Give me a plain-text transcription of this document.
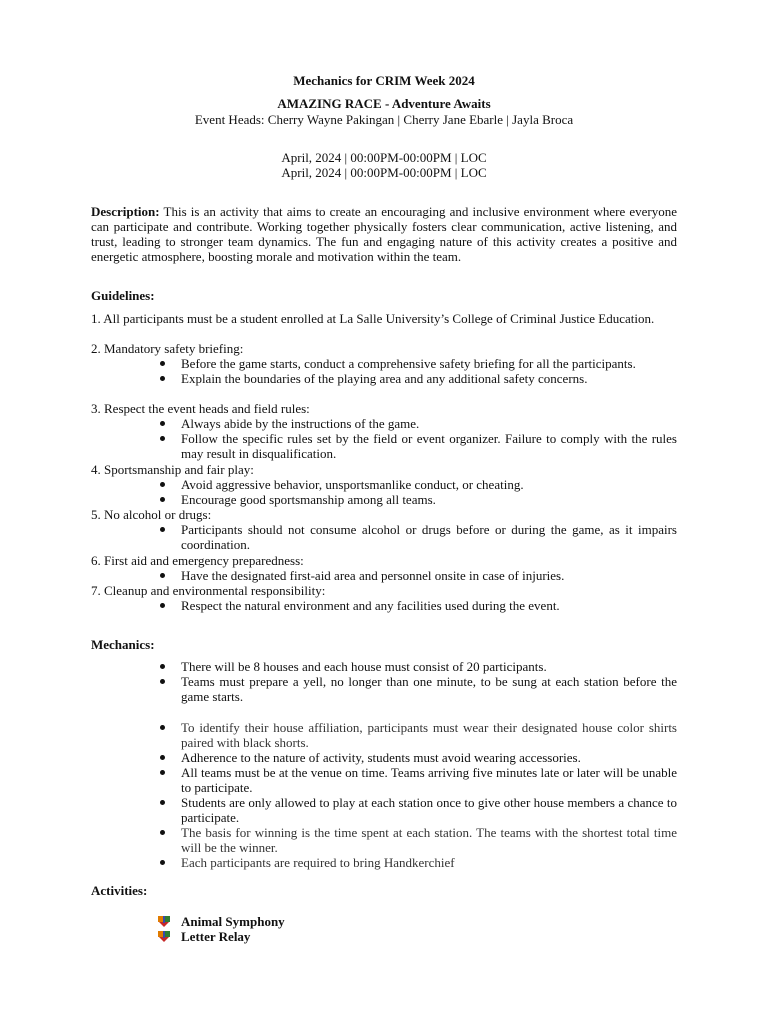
Mechanics for CRIM Week 2024
AMAZING RACE - Adventure Awaits
Event Heads: Cherry Wayne Pakingan | Cherry Jane Ebarle | Jayla Broca
April, 2024 | 00:00PM-00:00PM | LOC
April, 2024 | 00:00PM-00:00PM | LOC
Description: This is an activity that aims to create an encouraging and inclusive environment where everyone can participate and contribute. Working together physically fosters clear communication, active listening, and trust, leading to stronger team dynamics. The fun and engaging nature of this activity creates a positive and energetic atmosphere, boosting morale and motivation within the team.
Guidelines:
1. All participants must be a student enrolled at La Salle University’s College of Criminal Justice Education.
2. Mandatory safety briefing:
Before the game starts, conduct a comprehensive safety briefing for all the participants.
Explain the boundaries of the playing area and any additional safety concerns.
3. Respect the event heads and field rules:
Always abide by the instructions of the game.
Follow the specific rules set by the field or event organizer. Failure to comply with the rules may result in disqualification.
4. Sportsmanship and fair play:
Avoid aggressive behavior, unsportsmanlike conduct, or cheating.
Encourage good sportsmanship among all teams.
5. No alcohol or drugs:
Participants should not consume alcohol or drugs before or during the game, as it impairs coordination.
6. First aid and emergency preparedness:
Have the designated first-aid area and personnel onsite in case of injuries.
7. Cleanup and environmental responsibility:
Respect the natural environment and any facilities used during the event.
Mechanics:
There will be 8 houses and each house must consist of 20 participants.
Teams must prepare a yell, no longer than one minute, to be sung at each station before the game starts.
To identify their house affiliation, participants must wear their designated house color shirts paired with black shorts.
Adherence to the nature of activity, students must avoid wearing accessories.
All teams must be at the venue on time. Teams arriving five minutes late or later will be unable to participate.
Students are only allowed to play at each station once to give other house members a chance to participate.
The basis for winning is the time spent at each station. The teams with the shortest total time will be the winner.
Each participants are required to bring Handkerchief
Activities:
Animal Symphony
Letter Relay
